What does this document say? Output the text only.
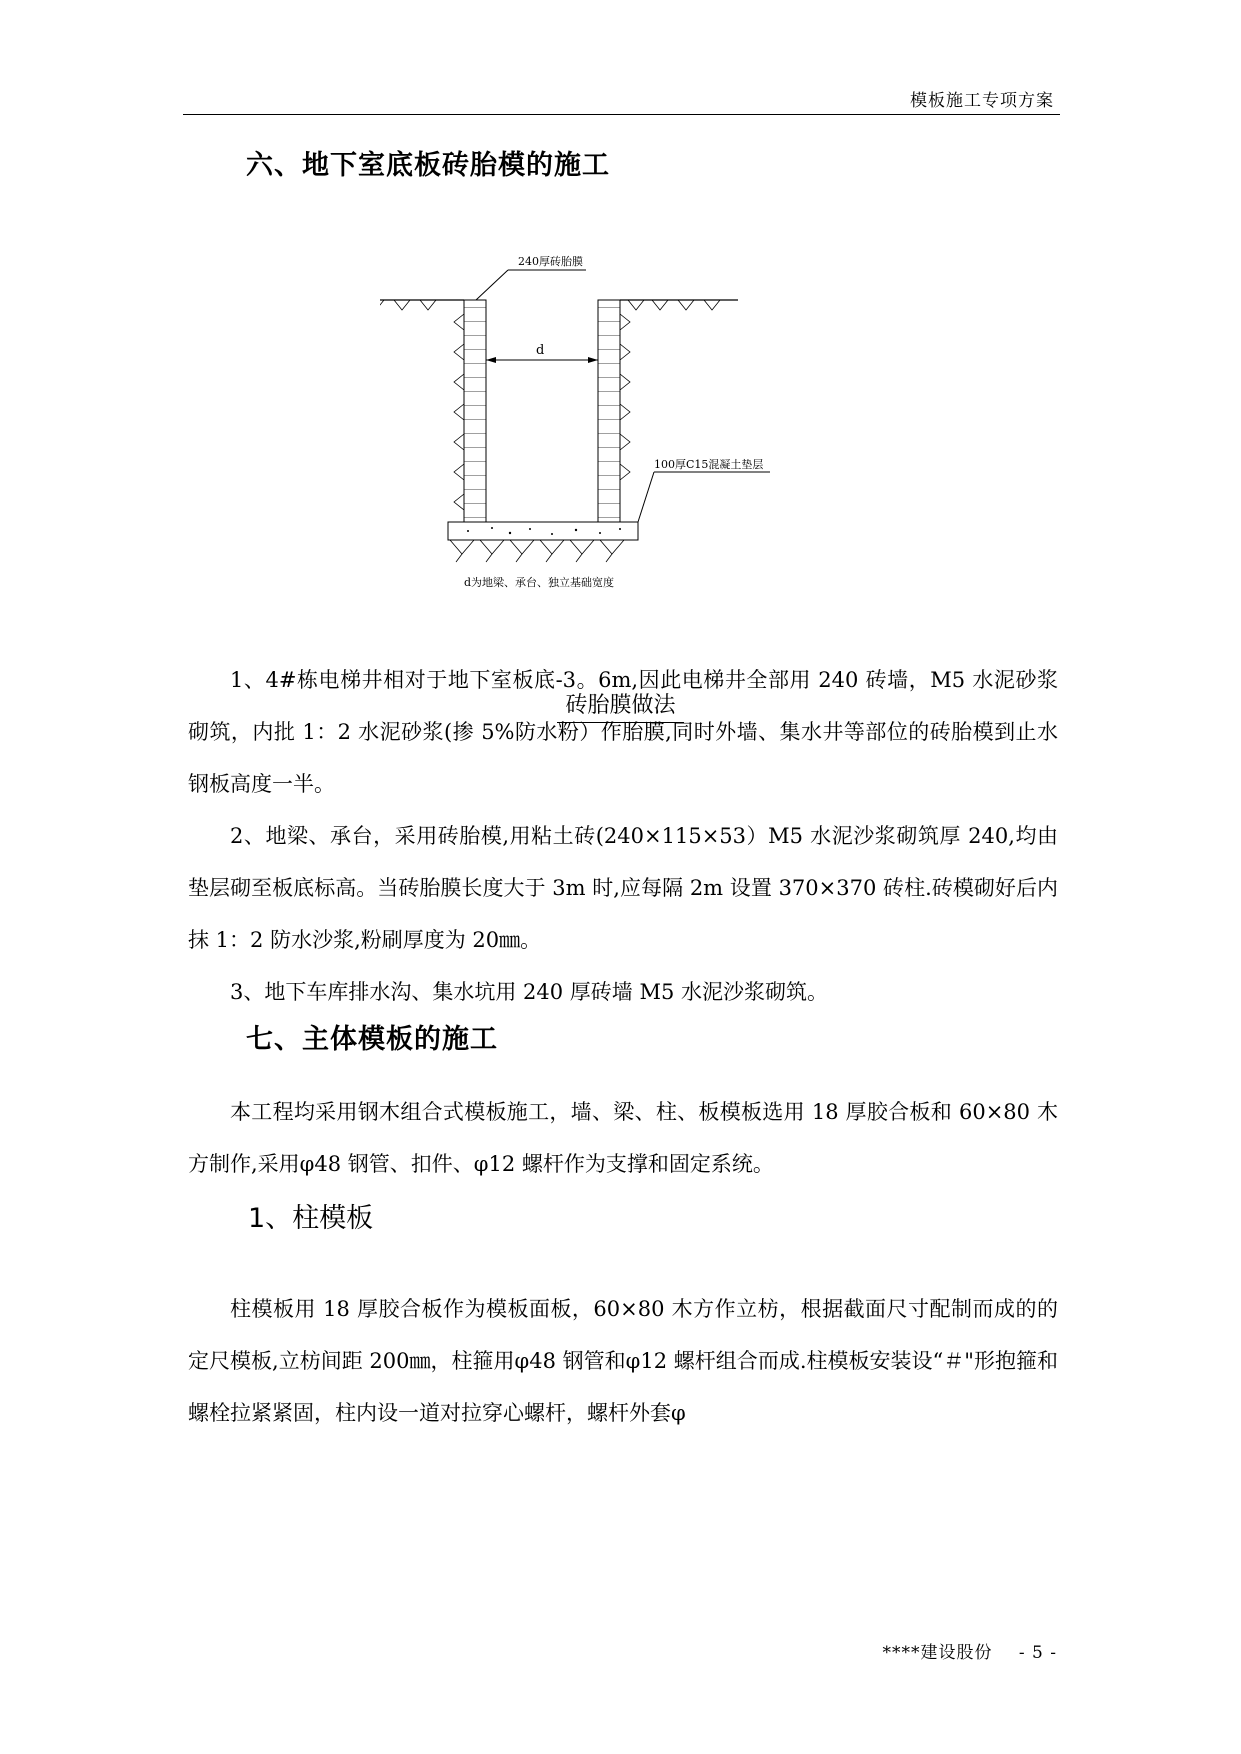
模板施工专项方案
六、地下室底板砖胎模的施工
240厚砖胎膜
d
100厚C15混凝土垫层
d为地梁、承台、独立基础宽度
砖胎膜做法

1、4#栋电梯井相对于地下室板底-3。6m,因此电梯井全部用 240 砖墙，M5 水泥砂浆砌筑，内批 1：2 水泥砂浆(掺 5%防水粉）作胎膜,同时外墙、集水井等部位的砖胎模到止水钢板高度一半。

2、地梁、承台，采用砖胎模,用粘土砖(240×115×53）M5 水泥沙浆砌筑厚 240,均由垫层砌至板底标高。当砖胎膜长度大于 3m 时,应每隔 2m 设置 370×370 砖柱.砖模砌好后内抹 1：2 防水沙浆,粉刷厚度为 20㎜。

3、地下车库排水沟、集水坑用 240 厚砖墙 M5 水泥沙浆砌筑。

七、主体模板的施工

本工程均采用钢木组合式模板施工，墙、梁、柱、板模板选用 18 厚胶合板和 60×80 木方制作,采用φ48 钢管、扣件、φ12 螺杆作为支撑和固定系统。

1、柱模板

柱模板用 18 厚胶合板作为模板面板，60×80 木方作立枋，根据截面尺寸配制而成的的定尺模板,立枋间距 200㎜，柱箍用φ48 钢管和φ12 螺杆组合而成.柱模板安装设“＃"形抱箍和螺栓拉紧紧固，柱内设一道对拉穿心螺杆，螺杆外套φ

****建设股份 - 5 -
